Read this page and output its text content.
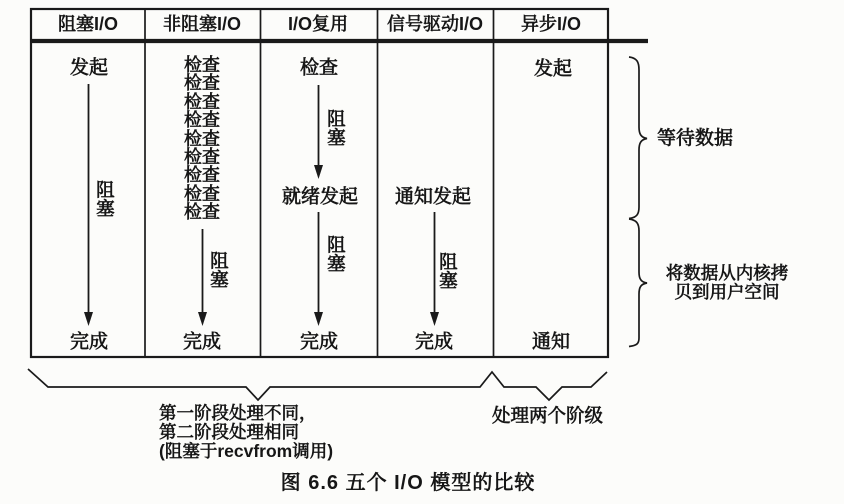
阻塞I/O 非阻塞I/O	I/O复用 信号驱动I/O 异步I/O
发起
阻塞
完成
检查
检查
检查
检查
检查
检查
检查
检查
检查
阻塞
完成
检查
阻塞
就绪发起
阻塞
完成
通知发起
阻塞
完成
发起
通知
等待数据
将数据从内核拷
贝到用户空间
第一阶段处理不同，
第二阶段处理相同
(阻塞于recvfrom调用)
处理两个阶级
图 6.6 五个 I/O 模型的比较
